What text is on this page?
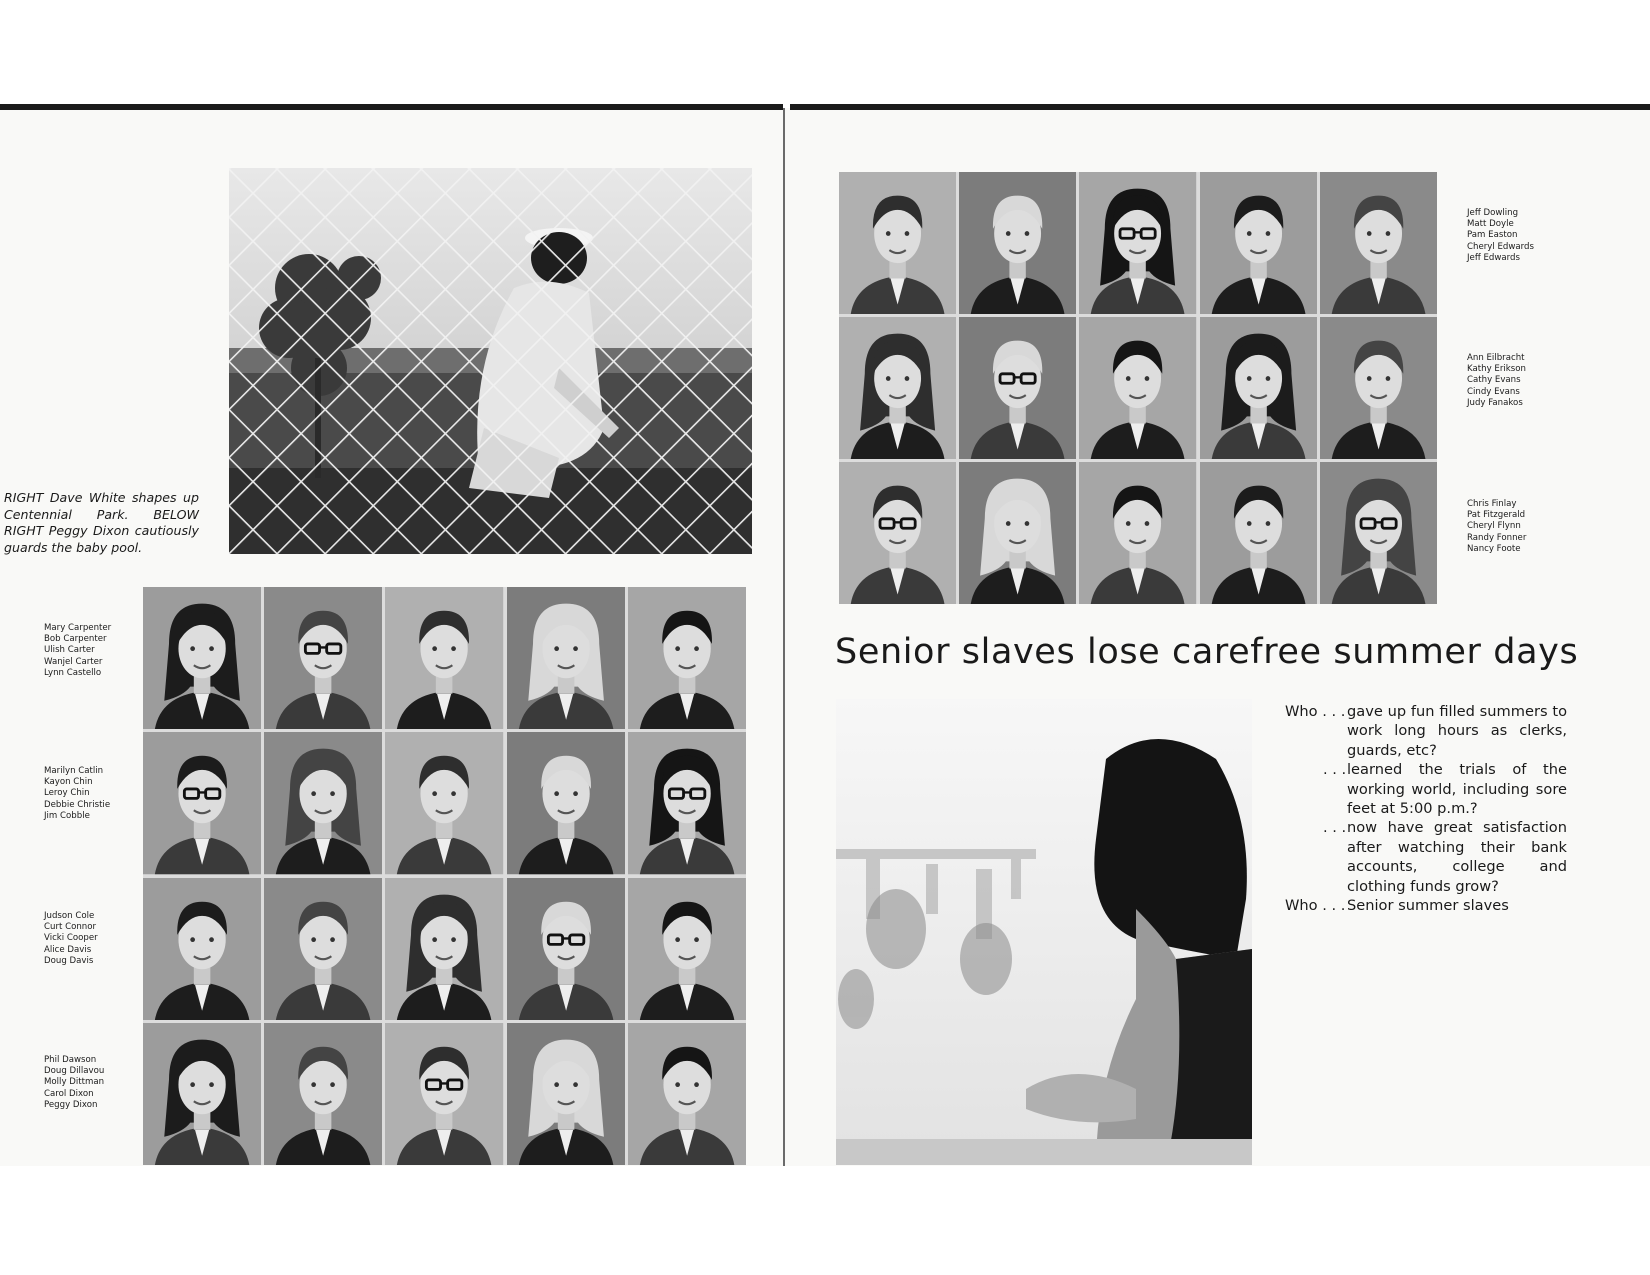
RIGHT Dave White shapes up Centennial Park. BELOW RIGHT Peggy Dixon cautiously guards the baby pool.
Mary Carpenter
Bob Carpenter
Ulish Carter
Wanjel Carter
Lynn Castello
Marilyn Catlin
Kayon Chin
Leroy Chin
Debbie Christie
Jim Cobble
Judson Cole
Curt Connor
Vicki Cooper
Alice Davis
Doug Davis
Phil Dawson
Doug Dillavou
Molly Dittman
Carol Dixon
Peggy Dixon
Jeff Dowling
Matt Doyle
Pam Easton
Cheryl Edwards
Jeff Edwards
Ann Eilbracht
Kathy Erikson
Cathy Evans
Cindy Evans
Judy Fanakos
Chris Finlay
Pat Fitzgerald
Cheryl Flynn
Randy Fonner
Nancy Foote
Senior slaves lose carefree summer days
Who . . . gave up fun filled summers to work long hours as clerks, guards, etc?
. . . learned the trials of the working world, including sore feet at 5:00 p.m.?
. . . now have great satisfaction after watching their bank accounts, college and clothing funds grow?
Who . . . Senior summer slaves
